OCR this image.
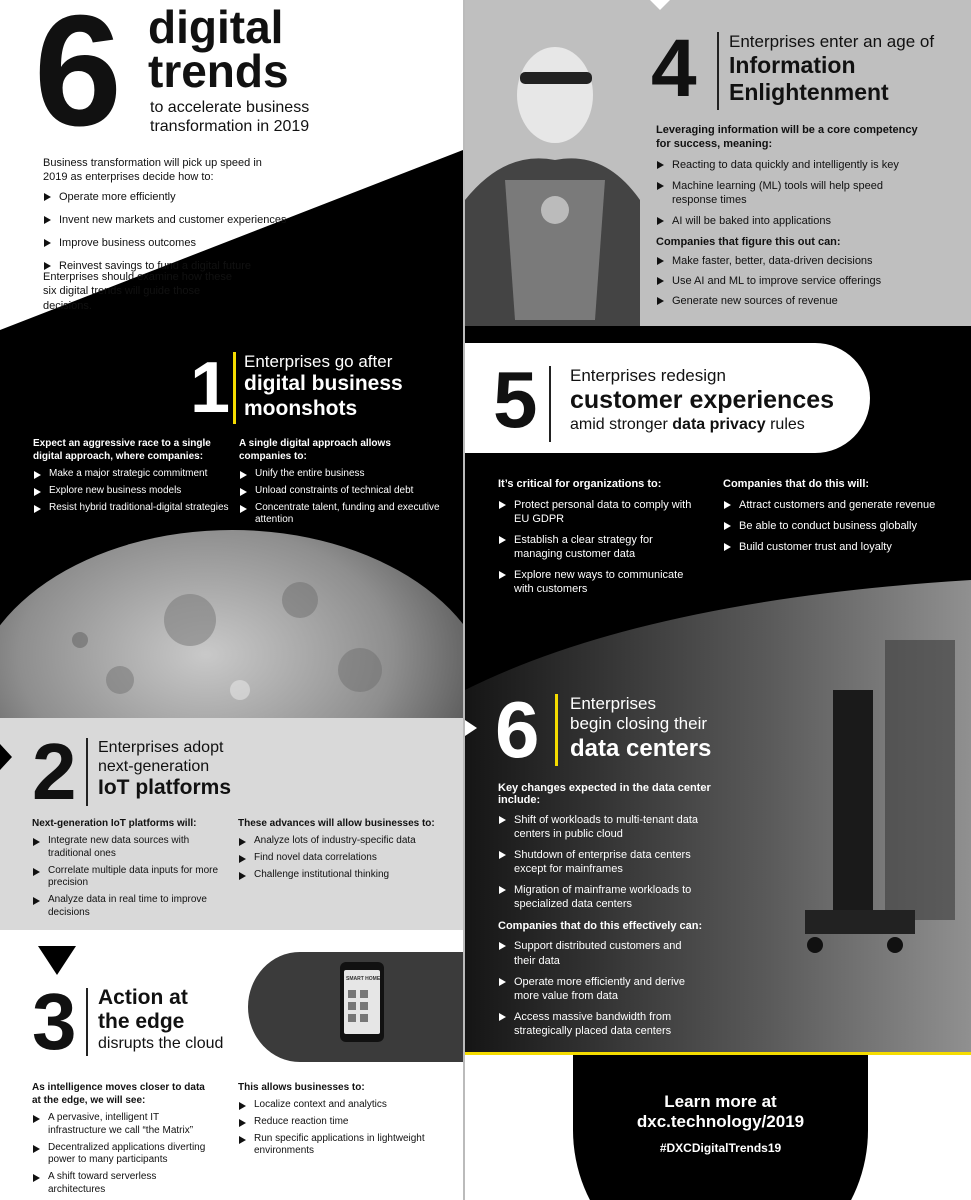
6 digital
trends
to accelerate business
transformation in 2019
Business transformation will pick up speed in 2019 as enterprises decide how to:
Operate more efficiently
Invent new markets and customer experiences
Improve business outcomes
Reinvest savings to fund a digital future
Enterprises should examine how these six digital trends will guide those decisions.
1 Enterprises go after
digital business
moonshots
Expect an aggressive race to a single digital approach, where companies:
Make a major strategic commitment
Explore new business models
Resist hybrid traditional-digital strategies
A single digital approach allows companies to:
Unify the entire business
Unload constraints of technical debt
Concentrate talent, funding and executive attention
2 Enterprises adopt
next-generation
IoT platforms
Next-generation IoT platforms will:
Integrate new data sources with traditional ones
Correlate multiple data inputs for more precision
Analyze data in real time to improve decisions
These advances will allow businesses to:
Analyze lots of industry-specific data
Find novel data correlations
Challenge institutional thinking
3 Action at
the edge
disrupts the cloud
As intelligence moves closer to data at the edge, we will see:
A pervasive, intelligent IT infrastructure we call “the Matrix”
Decentralized applications diverting power to many participants
A shift toward serverless architectures
This allows businesses to:
Localize context and analytics
Reduce reaction time
Run specific applications in lightweight environments
SMART HOME
4 Enterprises enter an age of
Information
Enlightenment
Leveraging information will be a core competency for success, meaning:
Reacting to data quickly and intelligently is key
Machine learning (ML) tools will help speed response times
AI will be baked into applications
Companies that figure this out can:
Make faster, better, data-driven decisions
Use AI and ML to improve service offerings
Generate new sources of revenue
5 Enterprises redesign
customer experiences
amid stronger data privacy rules
It’s critical for organizations to:
Protect personal data to comply with EU GDPR
Establish a clear strategy for managing customer data
Explore new ways to communicate with customers
Companies that do this will:
Attract customers and generate revenue
Be able to conduct business globally
Build customer trust and loyalty
6 Enterprises
begin closing their
data centers
Key changes expected in the data center include:
Shift of workloads to multi-tenant data centers in public cloud
Shutdown of enterprise data centers except for mainframes
Migration of mainframe workloads to specialized data centers
Companies that do this effectively can:
Support distributed customers and their data
Operate more efficiently and derive more value from data
Access massive bandwidth from strategically placed data centers
Learn more at
dxc.technology/2019
#DXCDigitalTrends19
